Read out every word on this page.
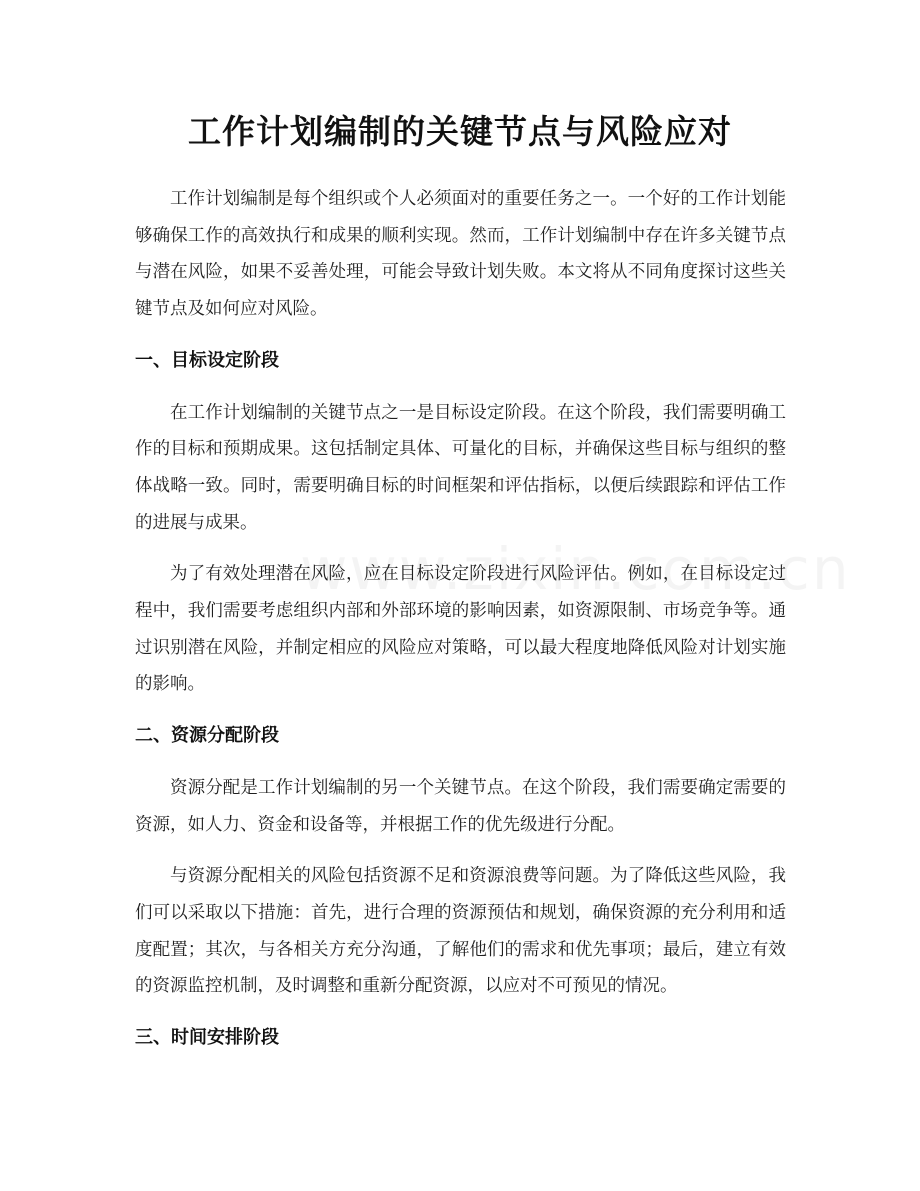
工作计划编制的关键节点与风险应对

工作计划编制是每个组织或个人必须面对的重要任务之一。一个好的工作计划能够确保工作的高效执行和成果的顺利实现。然而，工作计划编制中存在许多关键节点与潜在风险，如果不妥善处理，可能会导致计划失败。本文将从不同角度探讨这些关键节点及如何应对风险。

一、目标设定阶段

在工作计划编制的关键节点之一是目标设定阶段。在这个阶段，我们需要明确工作的目标和预期成果。这包括制定具体、可量化的目标，并确保这些目标与组织的整体战略一致。同时，需要明确目标的时间框架和评估指标，以便后续跟踪和评估工作的进展与成果。

为了有效处理潜在风险，应在目标设定阶段进行风险评估。例如，在目标设定过程中，我们需要考虑组织内部和外部环境的影响因素，如资源限制、市场竞争等。通过识别潜在风险，并制定相应的风险应对策略，可以最大程度地降低风险对计划实施的影响。

二、资源分配阶段

资源分配是工作计划编制的另一个关键节点。在这个阶段，我们需要确定需要的资源，如人力、资金和设备等，并根据工作的优先级进行分配。

与资源分配相关的风险包括资源不足和资源浪费等问题。为了降低这些风险，我们可以采取以下措施：首先，进行合理的资源预估和规划，确保资源的充分利用和适度配置；其次，与各相关方充分沟通，了解他们的需求和优先事项；最后，建立有效的资源监控机制，及时调整和重新分配资源，以应对不可预见的情况。

三、时间安排阶段
